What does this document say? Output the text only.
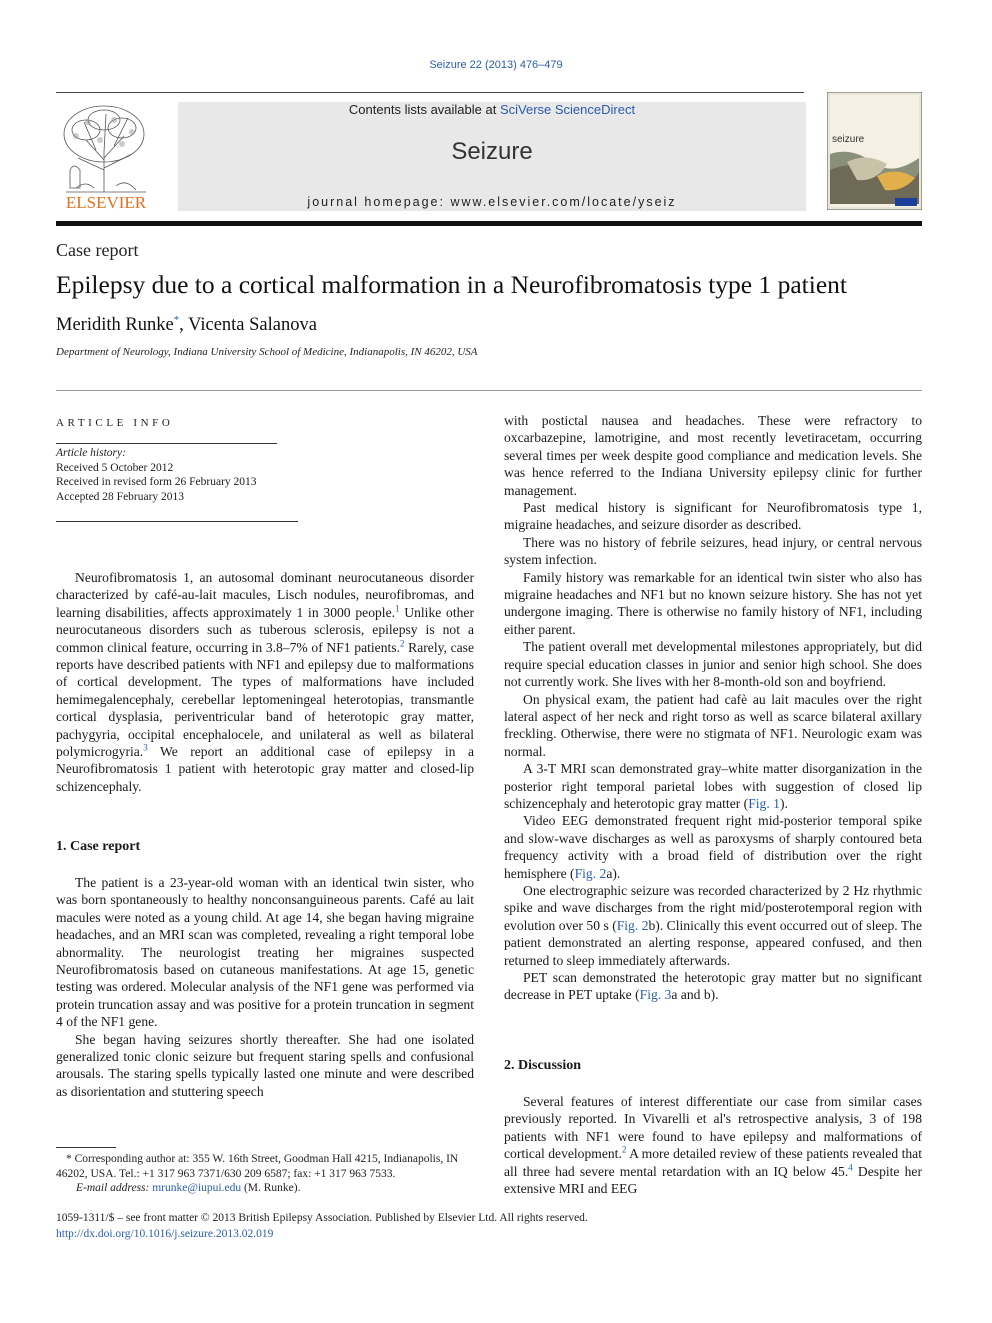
Seizure 22 (2013) 476–479
ELSEVIER
Contents lists available at SciVerse ScienceDirect
Seizure
journal homepage: www.elsevier.com/locate/yseiz
seizure
Case report
Epilepsy due to a cortical malformation in a Neurofibromatosis type 1 patient
Meridith Runke*, Vicenta Salanova
Department of Neurology, Indiana University School of Medicine, Indianapolis, IN 46202, USA
ARTICLE INFO
Article history:
Received 5 October 2012
Received in revised form 26 February 2013
Accepted 28 February 2013

Neurofibromatosis 1, an autosomal dominant neurocutaneous disorder characterized by café-au-lait macules, Lisch nodules, neurofibromas, and learning disabilities, affects approximately 1 in 3000 people.$^1$ Unlike other neurocutaneous disorders such as tuberous sclerosis, epilepsy is not a common clinical feature, occurring in 3.8–7% of NF1 patients.$^2$ Rarely, case reports have described patients with NF1 and epilepsy due to malformations of cortical development. The types of malformations have included hemimegalencephaly, cerebellar leptomeningeal heterotopias, transmantle cortical dysplasia, periventricular band of heterotopic gray matter, pachygyria, occipital encephalocele, and unilateral as well as bilateral polymicrogyria.$^3$ We report an additional case of epilepsy in a Neurofibromatosis 1 patient with heterotopic gray matter and closed-lip schizencephaly.

1. Case report

The patient is a 23-year-old woman with an identical twin sister, who was born spontaneously to healthy nonconsanguineous parents. Café au lait macules were noted as a young child. At age 14, she began having migraine headaches, and an MRI scan was completed, revealing a right temporal lobe abnormality. The neurologist treating her migraines suspected Neurofibromatosis based on cutaneous manifestations. At age 15, genetic testing was ordered. Molecular analysis of the NF1 gene was performed via protein truncation assay and was positive for a protein truncation in segment 4 of the NF1 gene.

She began having seizures shortly thereafter. She had one isolated generalized tonic clonic seizure but frequent staring spells and confusional arousals. The staring spells typically lasted one minute and were described as disorientation and stuttering speech

* Corresponding author at: 355 W. 16th Street, Goodman Hall 4215, Indianapolis, IN 46202, USA. Tel.: +1 317 963 7371/630 209 6587; fax: +1 317 963 7533.

E-mail address: mrunke@iupui.edu (M. Runke).

with postictal nausea and headaches. These were refractory to oxcarbazepine, lamotrigine, and most recently levetiracetam, occurring several times per week despite good compliance and medication levels. She was hence referred to the Indiana University epilepsy clinic for further management.

Past medical history is significant for Neurofibromatosis type 1, migraine headaches, and seizure disorder as described.

There was no history of febrile seizures, head injury, or central nervous system infection.

Family history was remarkable for an identical twin sister who also has migraine headaches and NF1 but no known seizure history. She has not yet undergone imaging. There is otherwise no family history of NF1, including either parent.

The patient overall met developmental milestones appropriately, but did require special education classes in junior and senior high school. She does not currently work. She lives with her 8-month-old son and boyfriend.

On physical exam, the patient had cafè au lait macules over the right lateral aspect of her neck and right torso as well as scarce bilateral axillary freckling. Otherwise, there were no stigmata of NF1. Neurologic exam was normal.

A 3-T MRI scan demonstrated gray–white matter disorganization in the posterior right temporal parietal lobes with suggestion of closed lip schizencephaly and heterotopic gray matter (Fig. 1).

Video EEG demonstrated frequent right mid-posterior temporal spike and slow-wave discharges as well as paroxysms of sharply contoured beta frequency activity with a broad field of distribution over the right hemisphere (Fig. 2a).

One electrographic seizure was recorded characterized by 2 Hz rhythmic spike and wave discharges from the right mid/posterotemporal region with evolution over 50 s (Fig. 2b). Clinically this event occurred out of sleep. The patient demonstrated an alerting response, appeared confused, and then returned to sleep immediately afterwards.

PET scan demonstrated the heterotopic gray matter but no significant decrease in PET uptake (Fig. 3a and b).

2. Discussion

Several features of interest differentiate our case from similar cases previously reported. In Vivarelli et al's retrospective analysis, 3 of 198 patients with NF1 were found to have epilepsy and malformations of cortical development.$^2$ A more detailed review of these patients revealed that all three had severe mental retardation with an IQ below 45.$^4$ Despite her extensive MRI and EEG

1059-1311/$ – see front matter © 2013 British Epilepsy Association. Published by Elsevier Ltd. All rights reserved.
http://dx.doi.org/10.1016/j.seizure.2013.02.019
